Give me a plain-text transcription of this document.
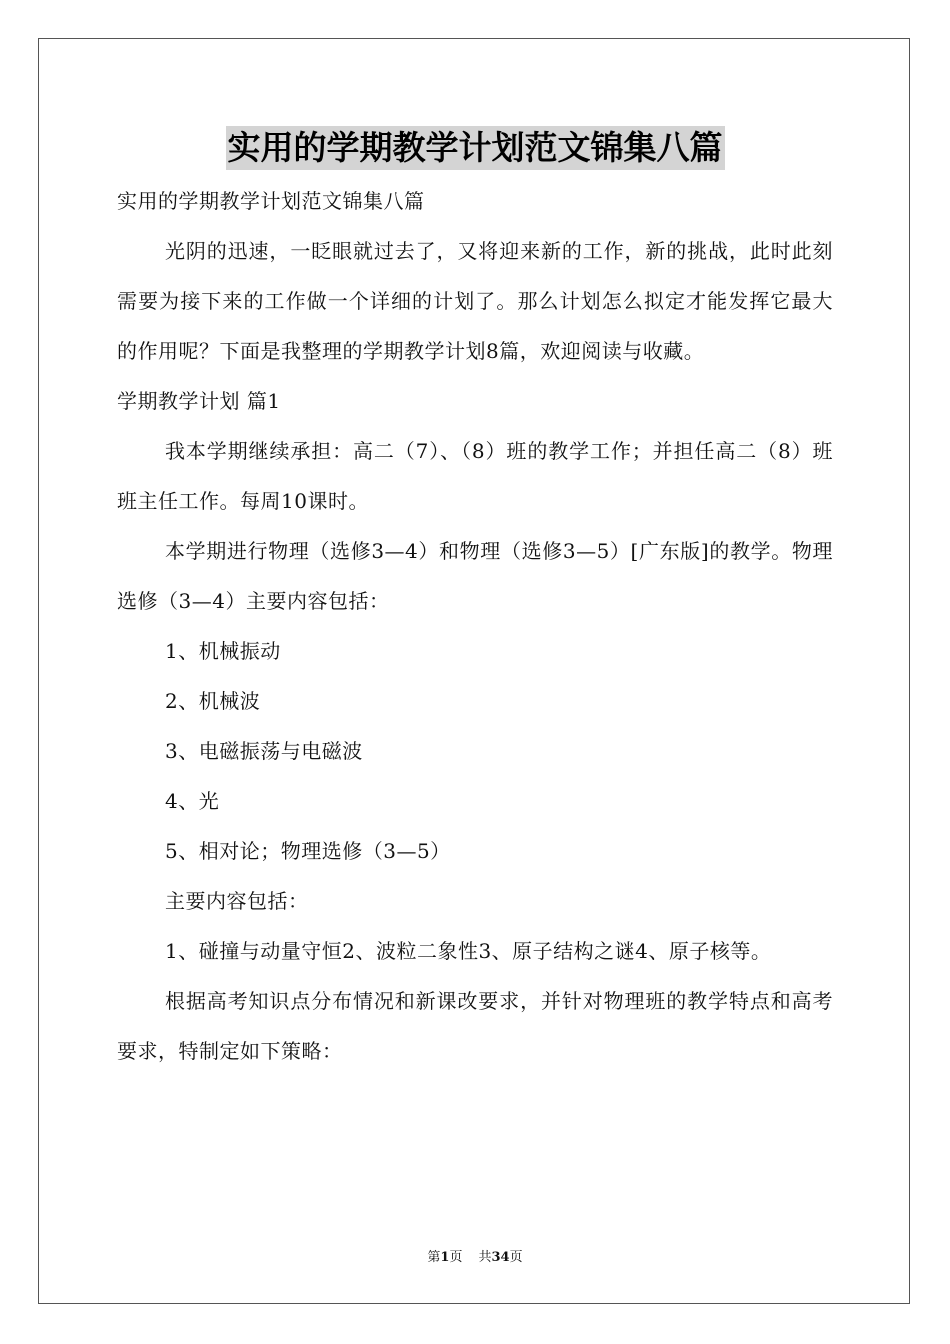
实用的学期教学计划范文锦集八篇

实用的学期教学计划范文锦集八篇

光阴的迅速，一眨眼就过去了，又将迎来新的工作，新的挑战，此时此刻需要为接下来的工作做一个详细的计划了。那么计划怎么拟定才能发挥它最大的作用呢？下面是我整理的学期教学计划8篇，欢迎阅读与收藏。

学期教学计划 篇1

我本学期继续承担：高二（7）、（8）班的教学工作；并担任高二（8）班班主任工作。每周10课时。

本学期进行物理（选修3—4）和物理（选修3—5）[广东版]的教学。物理选修（3—4）主要内容包括：

1、机械振动

2、机械波

3、电磁振荡与电磁波

4、光

5、相对论；物理选修（3—5）

主要内容包括：

1、碰撞与动量守恒2、波粒二象性3、原子结构之谜4、原子核等。

根据高考知识点分布情况和新课改要求，并针对物理班的教学特点和高考要求，特制定如下策略：

第1页 共34页
